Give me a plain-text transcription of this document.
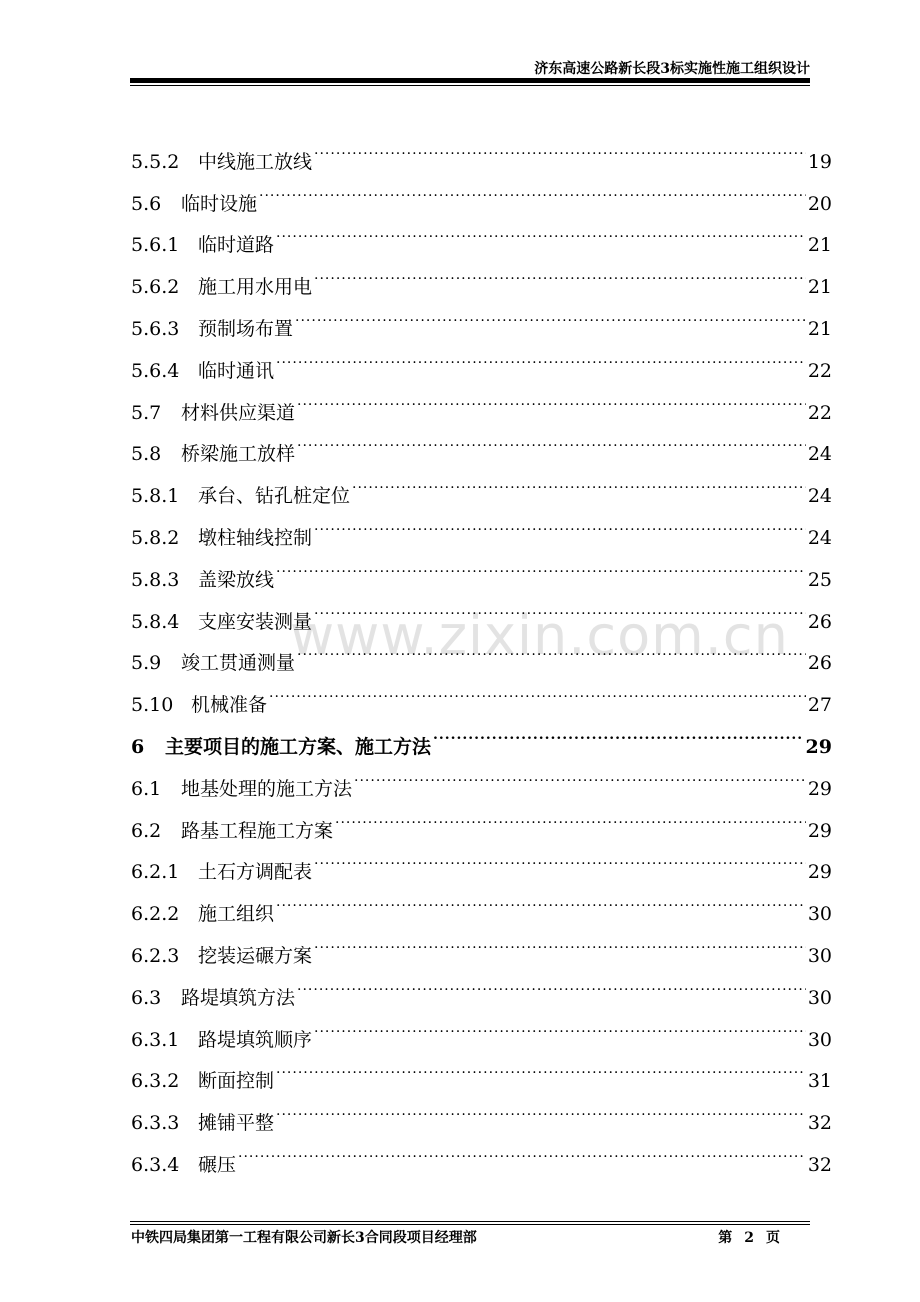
济东高速公路新长段3标实施性施工组织设计
www.zixin.com.cn
5.5.2 中线施工放线 .....	19
5.6	临时设施 .....	20
5.6.1 临时道路 .....	21
5.6.2 施工用水用电 .....	21
5.6.3 预制场布置 .....	21
5.6.4 临时通讯 .....	22
5.7	材料供应渠道 .....	22
5.8	桥梁施工放样 .....	24
5.8.1 承台、钻孔桩定位 .....	24
5.8.2 墩柱轴线控制 .....	24
5.8.3 盖梁放线 .....	25
5.8.4 支座安装测量 .....	26
5.9	竣工贯通测量 .....	26
5.10 机械准备 .....	27
6	主要项目的施工方案、施工方法 .....	29
6.1	地基处理的施工方法 .....	29
6.2	路基工程施工方案 .....	29
6.2.1 土石方调配表 .....	29
6.2.2 施工组织 .....	30
6.2.3 挖装运碾方案 .....	30
6.3	路堤填筑方法 .....	30
6.3.1 路堤填筑顺序 .....	30
6.3.2 断面控制 .....	31
6.3.3 摊铺平整 .....	32
6.3.4 碾压 .....	32
中铁四局集团第一工程有限公司新长3合同段项目经理部	第 2 页
